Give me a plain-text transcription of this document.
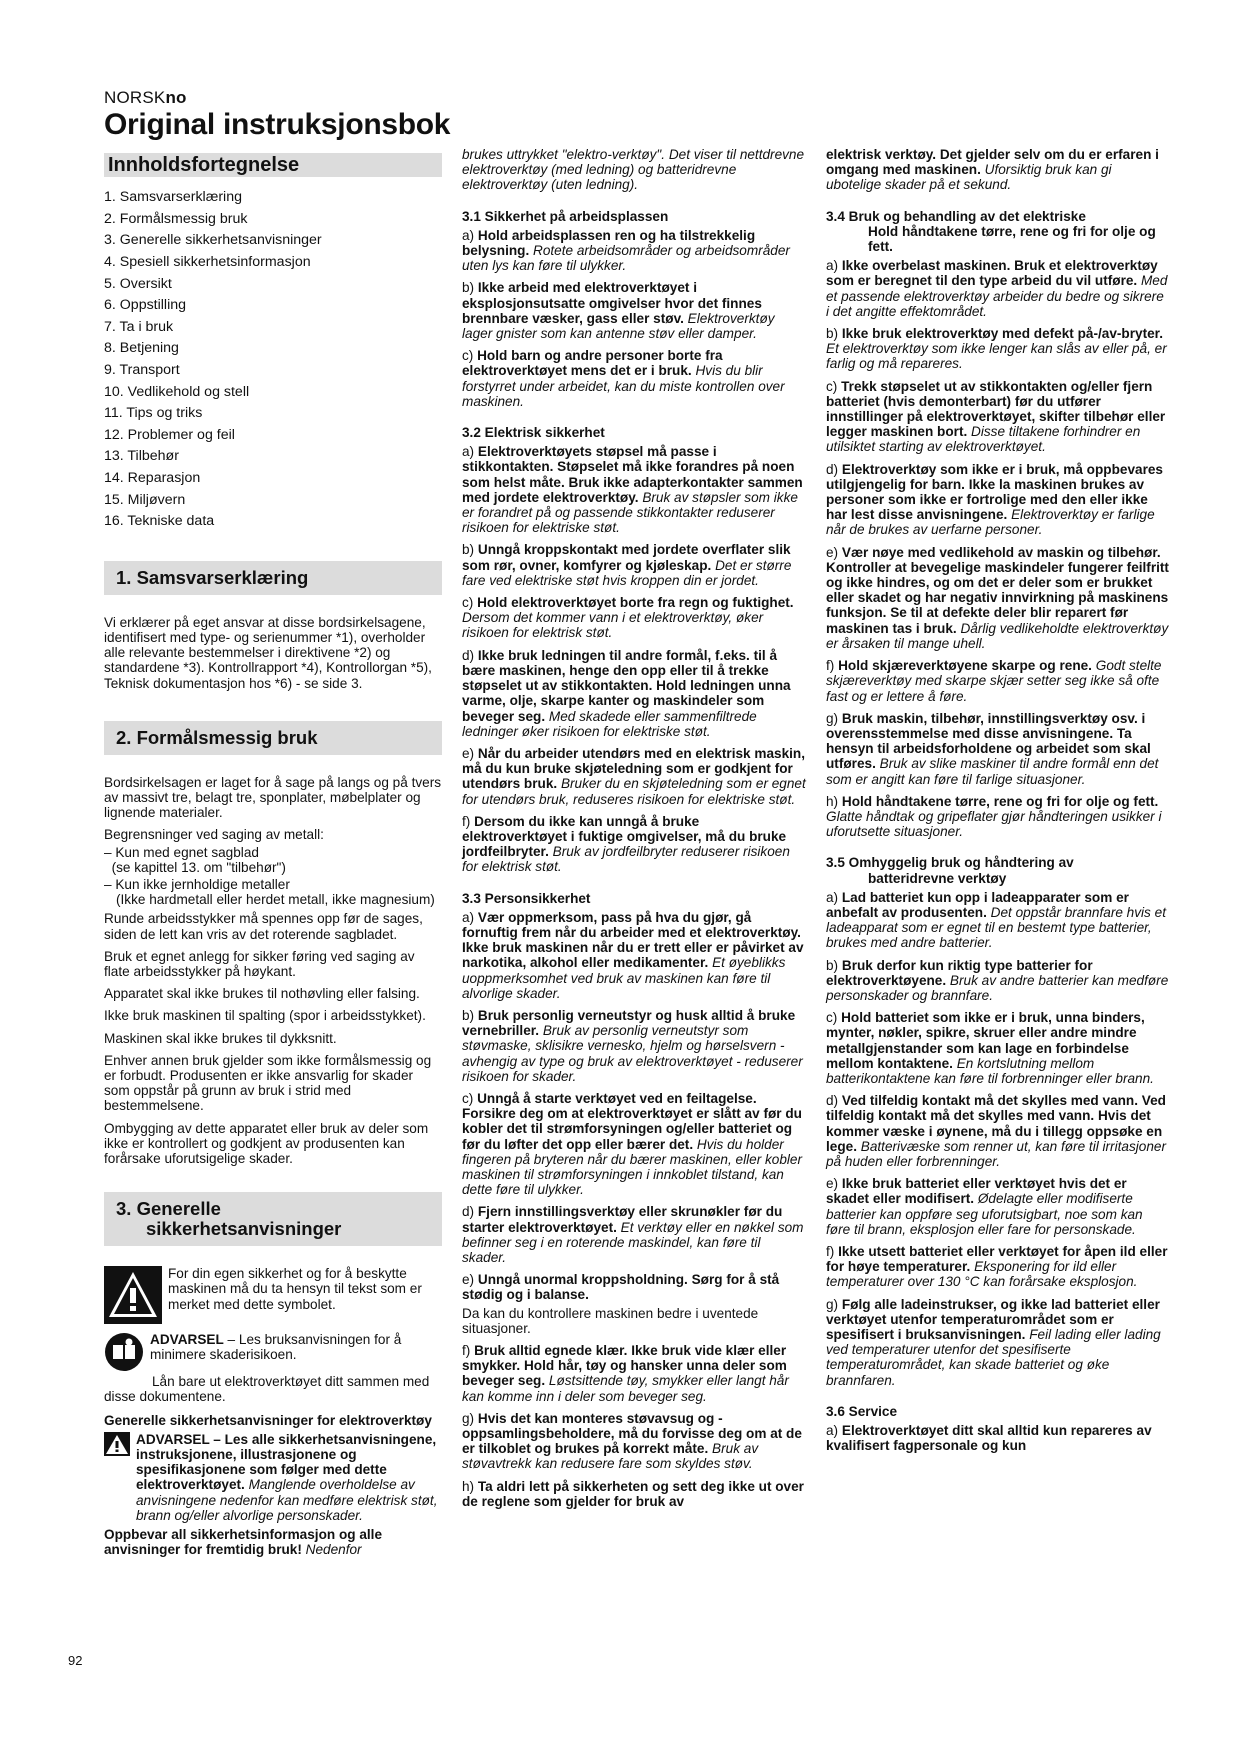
NORSKno
Original instruksjonsbok
Innholdsfortegnelse
1. Samsvarserklæring
2. Formålsmessig bruk
3. Generelle sikkerhetsanvisninger
4. Spesiell sikkerhetsinformasjon
5. Oversikt
6. Oppstilling
7. Ta i bruk
8. Betjening
9. Transport
10. Vedlikehold og stell
11. Tips og triks
12. Problemer og feil
13. Tilbehør
14. Reparasjon
15. Miljøvern
16. Tekniske data
1. Samsvarserklæring

Vi erklærer på eget ansvar at disse bordsirkelsagene, identifisert med type- og serienummer *1), overholder alle relevante bestemmelser i direktivene *2) og standardene *3). Kontrollrapport *4), Kontrollorgan *5), Teknisk dokumentasjon hos *6) - se side 3.

2. Formålsmessig bruk

Bordsirkelsagen er laget for å sage på langs og på tvers av massivt tre, belagt tre, sponplater, møbelplater og lignende materialer.

Begrensninger ved saging av metall:

– Kun med egnet sagblad
(se kapittel 13. om "tilbehør")

– Kun ikke jernholdige metaller

(Ikke hardmetall eller herdet metall, ikke magnesium)

Runde arbeidsstykker må spennes opp før de sages, siden de lett kan vris av det roterende sagbladet.

Bruk et egnet anlegg for sikker føring ved saging av flate arbeidsstykker på høykant.

Apparatet skal ikke brukes til nothøvling eller falsing.

Ikke bruk maskinen til spalting (spor i arbeidsstykket).

Maskinen skal ikke brukes til dykksnitt.

Enhver annen bruk gjelder som ikke formålsmessig og er forbudt. Produsenten er ikke ansvarlig for skader som oppstår på grunn av bruk i strid med bestemmelsene.

Ombygging av dette apparatet eller bruk av deler som ikke er kontrollert og godkjent av produsenten kan forårsake uforutsigelige skader.

3. Generelle
sikkerhetsanvisninger
For din egen sikkerhet og for å beskytte maskinen må du ta hensyn til tekst som er merket med dette symbolet.
ADVARSEL – Les bruksanvisningen for å minimere skaderisikoen.

Lån bare ut elektroverktøyet ditt sammen med disse dokumentene.

Generelle sikkerhetsanvisninger for elektroverktøy

ADVARSEL – Les alle sikkerhetsanvisningene, instruksjonene, illustrasjonene og spesifikasjonene som følger med dette elektroverktøyet. Manglende overholdelse av anvisningene nedenfor kan medføre elektrisk støt, brann og/eller alvorlige personskader.

Oppbevar all sikkerhetsinformasjon og alle anvisninger for fremtidig bruk! Nedenfor

brukes uttrykket "elektro-verktøy". Det viser til nettdrevne elektroverktøy (med ledning) og batteridrevne elektroverktøy (uten ledning).

3.1 Sikkerhet på arbeidsplassen

a) Hold arbeidsplassen ren og ha tilstrekkelig belysning. Rotete arbeidsområder og arbeidsområder uten lys kan føre til ulykker.

b) Ikke arbeid med elektroverktøyet i eksplosjonsutsatte omgivelser hvor det finnes brennbare væsker, gass eller støv. Elektroverktøy lager gnister som kan antenne støv eller damper.

c) Hold barn og andre personer borte fra elektroverktøyet mens det er i bruk. Hvis du blir forstyrret under arbeidet, kan du miste kontrollen over maskinen.

3.2 Elektrisk sikkerhet

a) Elektroverktøyets støpsel må passe i stikkontakten. Støpselet må ikke forandres på noen som helst måte. Bruk ikke adapterkontakter sammen med jordete elektroverktøy. Bruk av støpsler som ikke er forandret på og passende stikkontakter reduserer risikoen for elektriske støt.

b) Unngå kroppskontakt med jordete overflater slik som rør, ovner, komfyrer og kjøleskap. Det er større fare ved elektriske støt hvis kroppen din er jordet.

c) Hold elektroverktøyet borte fra regn og fuktighet. Dersom det kommer vann i et elektroverktøy, øker risikoen for elektrisk støt.

d) Ikke bruk ledningen til andre formål, f.eks. til å bære maskinen, henge den opp eller til å trekke støpselet ut av stikkontakten. Hold ledningen unna varme, olje, skarpe kanter og maskindeler som beveger seg. Med skadede eller sammenfiltrede ledninger øker risikoen for elektriske støt.

e) Når du arbeider utendørs med en elektrisk maskin, må du kun bruke skjøteledning som er godkjent for utendørs bruk. Bruker du en skjøteledning som er egnet for utendørs bruk, reduseres risikoen for elektriske støt.

f) Dersom du ikke kan unngå å bruke elektroverktøyet i fuktige omgivelser, må du bruke jordfeilbryter. Bruk av jordfeilbryter reduserer risikoen for elektrisk støt.

3.3 Personsikkerhet

a) Vær oppmerksom, pass på hva du gjør, gå fornuftig frem når du arbeider med et elektroverktøy. Ikke bruk maskinen når du er trett eller er påvirket av narkotika, alkohol eller medikamenter. Et øyeblikks uoppmerksomhet ved bruk av maskinen kan føre til alvorlige skader.

b) Bruk personlig verneutstyr og husk alltid å bruke vernebriller. Bruk av personlig verneutstyr som støvmaske, sklisikre vernesko, hjelm og hørselsvern - avhengig av type og bruk av elektroverktøyet - reduserer risikoen for skader.

c) Unngå å starte verktøyet ved en feiltagelse. Forsikre deg om at elektroverktøyet er slått av før du kobler det til strømforsyningen og/eller batteriet og før du løfter det opp eller bærer det. Hvis du holder fingeren på bryteren når du bærer maskinen, eller kobler maskinen til strømforsyningen i innkoblet tilstand, kan dette føre til ulykker.

d) Fjern innstillingsverktøy eller skrunøkler før du starter elektroverktøyet. Et verktøy eller en nøkkel som befinner seg i en roterende maskindel, kan føre til skader.

e) Unngå unormal kroppsholdning. Sørg for å stå stødig og i balanse.

Da kan du kontrollere maskinen bedre i uventede situasjoner.

f) Bruk alltid egnede klær. Ikke bruk vide klær eller smykker. Hold hår, tøy og hansker unna deler som beveger seg. Løstsittende tøy, smykker eller langt hår kan komme inn i deler som beveger seg.

g) Hvis det kan monteres støvavsug og -oppsamlingsbeholdere, må du forvisse deg om at de er tilkoblet og brukes på korrekt måte. Bruk av støvavtrekk kan redusere fare som skyldes støv.

h) Ta aldri lett på sikkerheten og sett deg ikke ut over de reglene som gjelder for bruk av

elektrisk verktøy. Det gjelder selv om du er erfaren i omgang med maskinen. Uforsiktig bruk kan gi ubotelige skader på et sekund.

3.4 Bruk og behandling av det elektriske
Hold håndtakene tørre, rene og fri for olje og fett.

a) Ikke overbelast maskinen. Bruk et elektroverktøy som er beregnet til den type arbeid du vil utføre. Med et passende elektroverktøy arbeider du bedre og sikrere i det angitte effektområdet.

b) Ikke bruk elektroverktøy med defekt på-/av-bryter. Et elektroverktøy som ikke lenger kan slås av eller på, er farlig og må repareres.

c) Trekk støpselet ut av stikkontakten og/eller fjern batteriet (hvis demonterbart) før du utfører innstillinger på elektroverktøyet, skifter tilbehør eller legger maskinen bort. Disse tiltakene forhindrer en utilsiktet starting av elektroverktøyet.

d) Elektroverktøy som ikke er i bruk, må oppbevares utilgjengelig for barn. Ikke la maskinen brukes av personer som ikke er fortrolige med den eller ikke har lest disse anvisningene. Elektroverktøy er farlige når de brukes av uerfarne personer.

e) Vær nøye med vedlikehold av maskin og tilbehør. Kontroller at bevegelige maskindeler fungerer feilfritt og ikke hindres, og om det er deler som er brukket eller skadet og har negativ innvirkning på maskinens funksjon. Se til at defekte deler blir reparert før maskinen tas i bruk. Dårlig vedlikeholdte elektroverktøy er årsaken til mange uhell.

f) Hold skjæreverktøyene skarpe og rene. Godt stelte skjæreverktøy med skarpe skjær setter seg ikke så ofte fast og er lettere å føre.

g) Bruk maskin, tilbehør, innstillingsverktøy osv. i overensstemmelse med disse anvisningene. Ta hensyn til arbeidsforholdene og arbeidet som skal utføres. Bruk av slike maskiner til andre formål enn det som er angitt kan føre til farlige situasjoner.

h) Hold håndtakene tørre, rene og fri for olje og fett. Glatte håndtak og gripeflater gjør håndteringen usikker i uforutsette situasjoner.

3.5 Omhyggelig bruk og håndtering av
batteridrevne verktøy

a) Lad batteriet kun opp i ladeapparater som er anbefalt av produsenten. Det oppstår brannfare hvis et ladeapparat som er egnet til en bestemt type batterier, brukes med andre batterier.

b) Bruk derfor kun riktig type batterier for elektroverktøyene. Bruk av andre batterier kan medføre personskader og brannfare.

c) Hold batteriet som ikke er i bruk, unna binders, mynter, nøkler, spikre, skruer eller andre mindre metallgjenstander som kan lage en forbindelse mellom kontaktene. En kortslutning mellom batterikontaktene kan føre til forbrenninger eller brann.

d) Ved tilfeldig kontakt må det skylles med vann. Ved tilfeldig kontakt må det skylles med vann. Hvis det kommer væske i øynene, må du i tillegg oppsøke en lege. Batterivæske som renner ut, kan føre til irritasjoner på huden eller forbrenninger.

e) Ikke bruk batteriet eller verktøyet hvis det er skadet eller modifisert. Ødelagte eller modifiserte batterier kan oppføre seg uforutsigbart, noe som kan føre til brann, eksplosjon eller fare for personskade.

f) Ikke utsett batteriet eller verktøyet for åpen ild eller for høye temperaturer. Eksponering for ild eller temperaturer over 130 °C kan forårsake eksplosjon.

g) Følg alle ladeinstrukser, og ikke lad batteriet eller verktøyet utenfor temperaturområdet som er spesifisert i bruksanvisningen. Feil lading eller lading ved temperaturer utenfor det spesifiserte temperaturområdet, kan skade batteriet og øke brannfaren.

3.6 Service

a) Elektroverktøyet ditt skal alltid kun repareres av kvalifisert fagpersonale og kun

92
